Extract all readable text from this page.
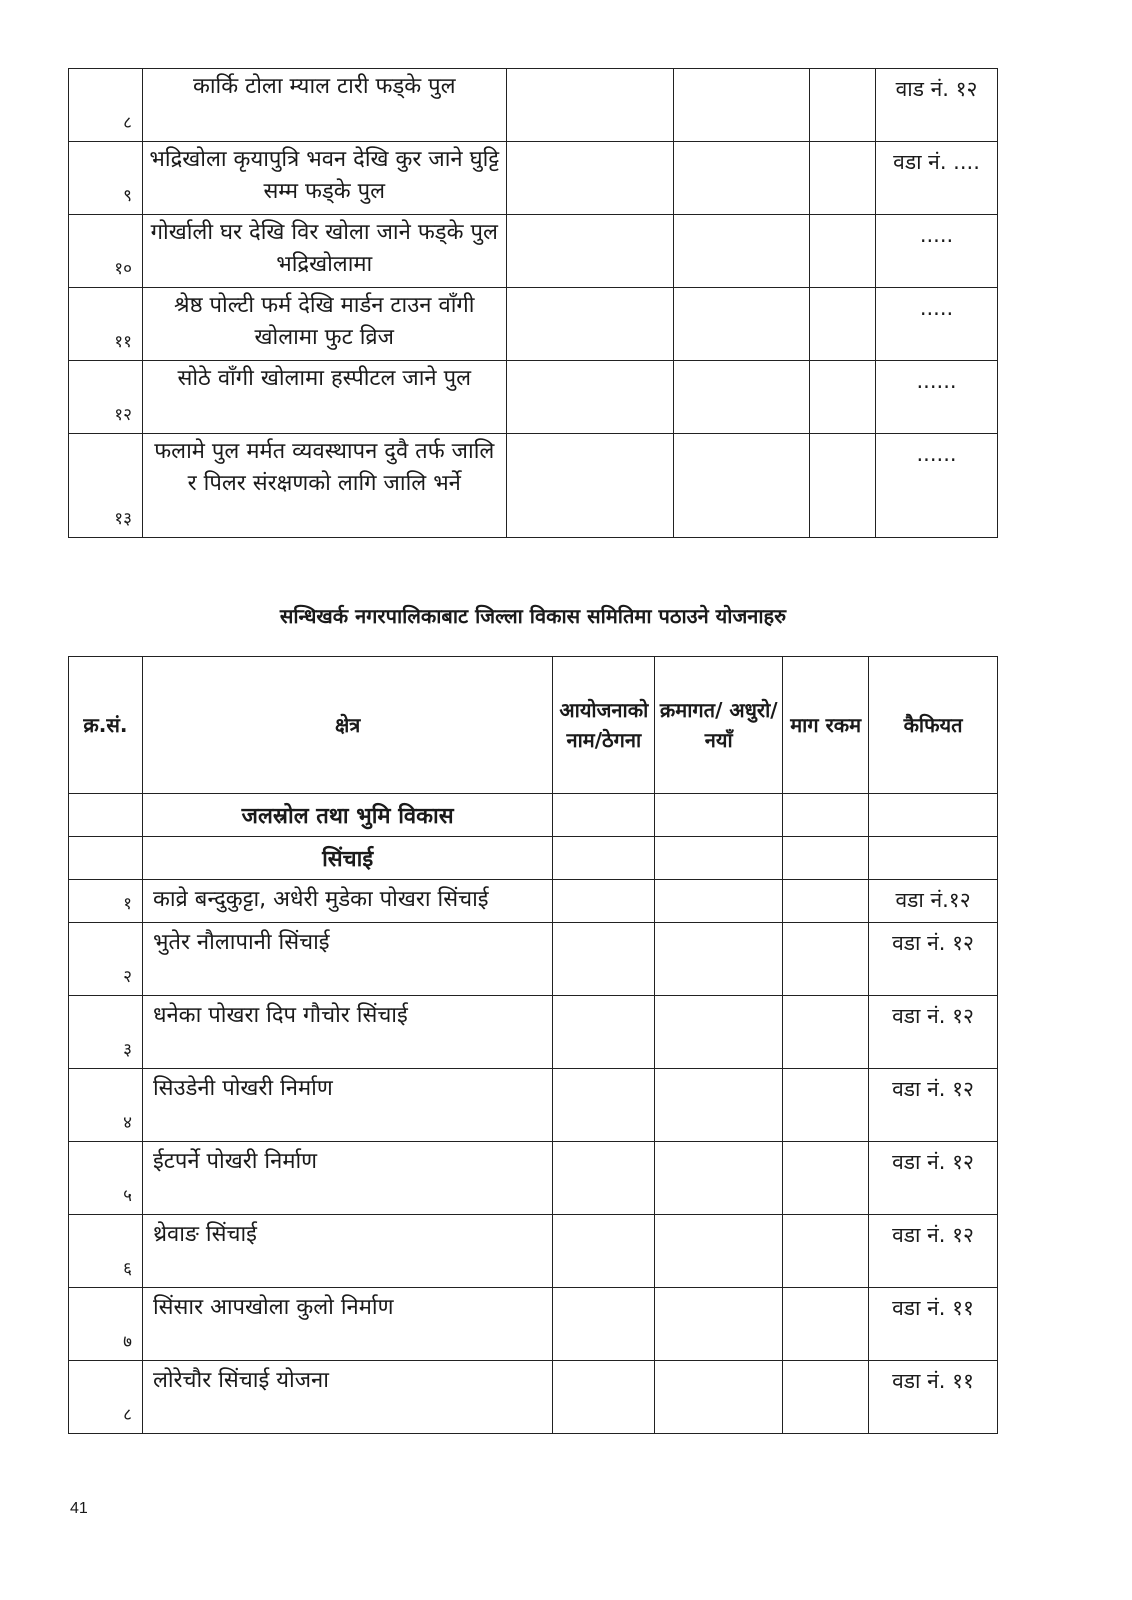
८	कार्कि टोला म्याल टारी फड्के पुल				वाड नं. १२
९	भद्रिखोला कृयापुत्रि भवन देखि कुर जाने घुट्टि सम्म फड्के पुल				वडा नं. ....
१०	गोर्खाली घर देखि विर खोला जाने फड्के पुल भद्रिखोलामा				.....
११	श्रेष्ठ पोल्टी फर्म देखि मार्डन टाउन वाँगी खोलामा फुट व्रिज				.....
१२	सोठे वाँगी खोलामा हस्पीटल जाने पुल				......
१३	फलामे पुल मर्मत व्यवस्थापन दुवै तर्फ जालि र पिलर संरक्षणको लागि जालि भर्ने				......
सन्धिखर्क नगरपालिकाबाट जिल्ला विकास समितिमा पठाउने योजनाहरु
क्र.सं.	क्षेत्र	आयोजनाको नाम/ठेगना	क्रमागत/ अधुरो/नयाँ	माग रकम	कैफियत
	जलस्रोल तथा भुमि विकास				
	सिंचाई				
१	काव्रे बन्दुकुट्टा, अधेरी मुडेका पोखरा सिंचाई				वडा नं.१२
२	भुतेर नौलापानी सिंचाई				वडा नं. १२
३	धनेका पोखरा दिप गौचोर सिंचाई				वडा नं. १२
४	सिउडेनी पोखरी निर्माण				वडा नं. १२
५	ईटपर्ने पोखरी निर्माण				वडा नं. १२
६	थ्रेवाङ सिंचाई				वडा नं. १२
७	सिंसार आपखोला कुलो निर्माण				वडा नं. ११
८	लोरेचौर सिंचाई योजना				वडा नं. ११
41
